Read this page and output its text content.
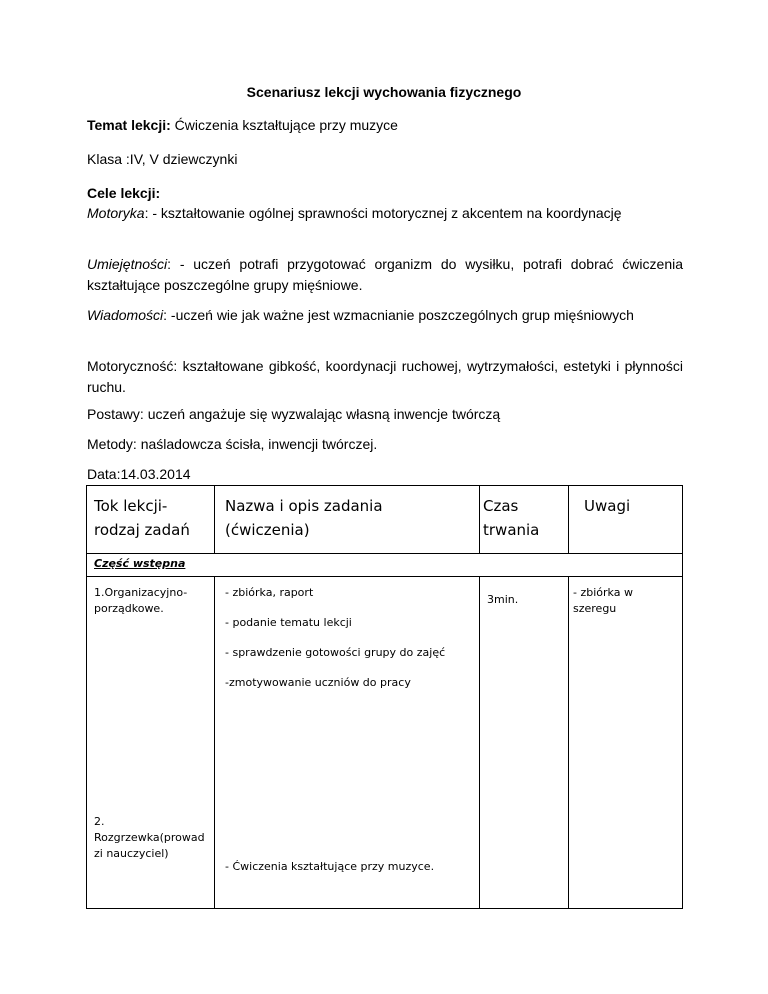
Scenariusz lekcji wychowania fizycznego
Temat lekcji: Ćwiczenia kształtujące przy muzyce
Klasa :IV, V dziewczynki
Cele lekcji:
Motoryka: - kształtowanie ogólnej sprawności motorycznej z akcentem na koordynację
Umiejętności: - uczeń potrafi przygotować organizm do wysiłku, potrafi dobrać ćwiczenia kształtujące poszczególne grupy mięśniowe.
Wiadomości: -uczeń wie jak ważne jest wzmacnianie poszczególnych grup mięśniowych
Motoryczność: kształtowane gibkość, koordynacji ruchowej, wytrzymałości, estetyki i płynności ruchu.
Postawy: uczeń angażuje się wyzwalając własną inwencje twórczą
Metody: naśladowcza ścisła, inwencji twórczej.
Data:14.03.2014
Tok lekcji-
rodzaj zadań
Nazwa i opis zadania
(ćwiczenia)
Czas
trwania
Uwagi
Część wstępna
1.Organizacyjno-
porządkowe.
- zbiórka, raport
- podanie tematu lekcji
- sprawdzenie gotowości grupy do zajęć
-zmotywowanie uczniów do pracy
3min.
- zbiórka w
szeregu
2.
Rozgrzewka(prowad
zi nauczyciel)
- Ćwiczenia kształtujące przy muzyce.
